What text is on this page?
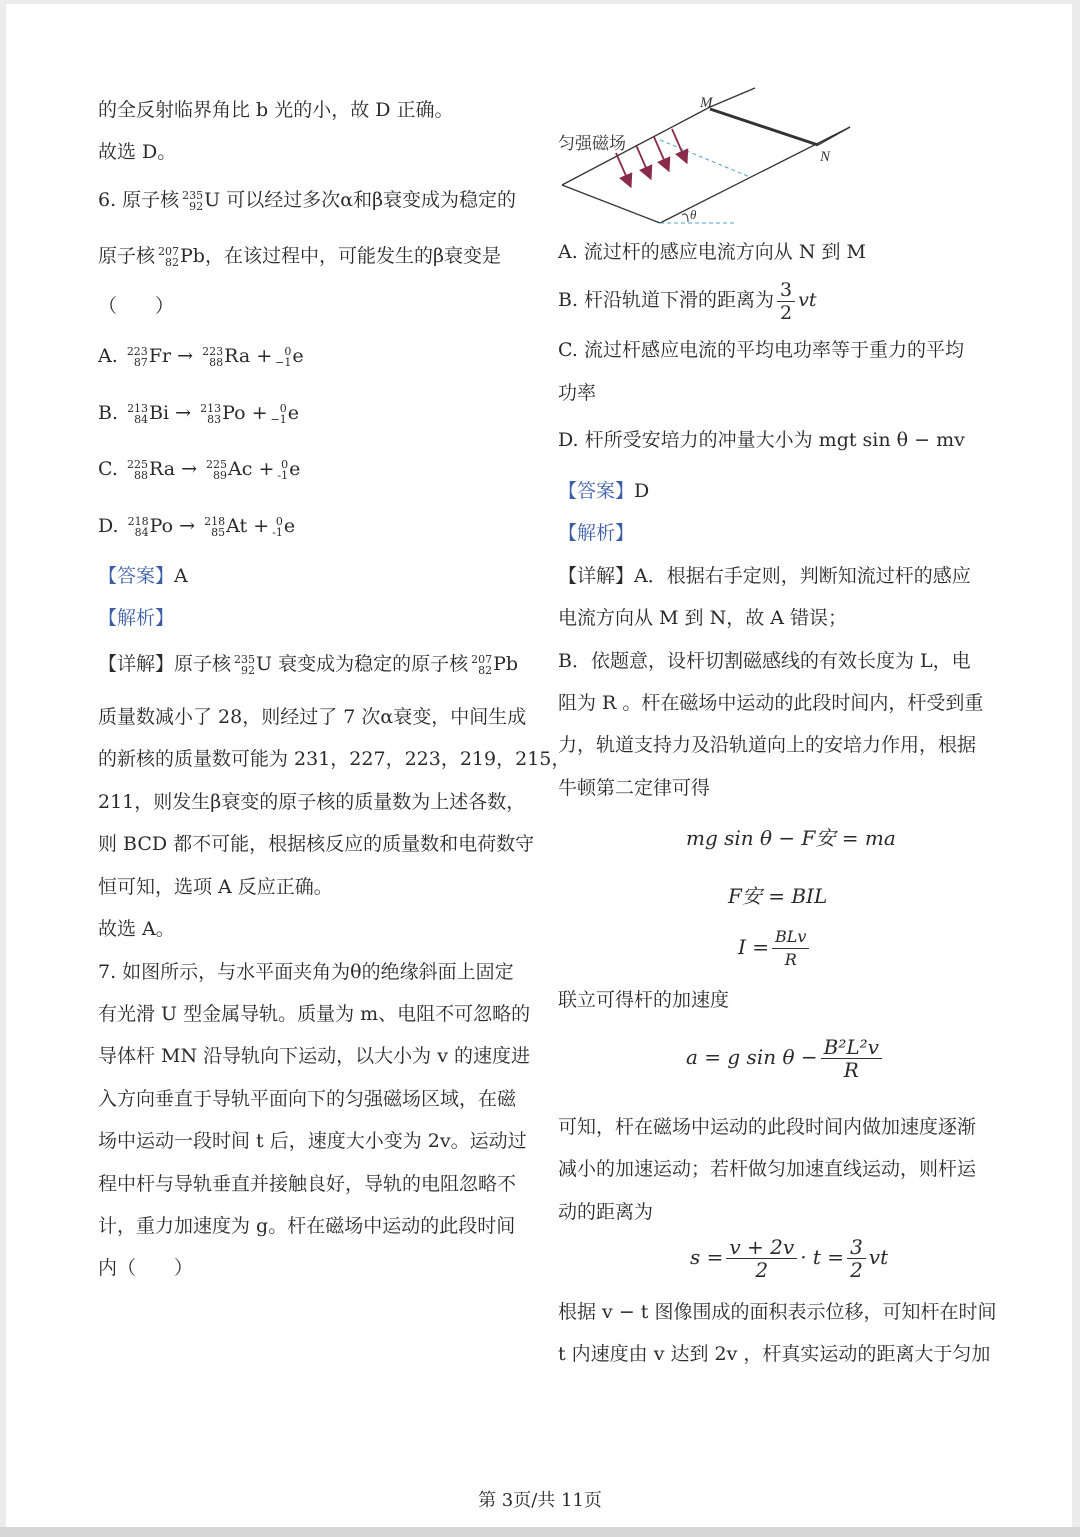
的全反射临界角比 b 光的小，故 D 正确。
故选 D。
6. 原子核 235
92 U 可以经过多次α和β衰变成为稳定的
原子核 207
82 Pb，在该过程中，可能发生的β衰变是
（　　）
A. 223
87 Fr → 223
88 Ra +	0
−1 e
B. 213
84 Bi → 213
83 Po +	0
−1 e
C. 225
88 Ra → 225
89 Ac + 0
-1 e
D. 218
84 Po → 218
85 At + 0
-1 e
【答案】A
【解析】
【详解】原子核 235
92 U 衰变成为稳定的原子核 207
82 Pb
质量数减小了 28，则经过了 7 次α衰变，中间生成
的新核的质量数可能为 231，227，223，219，215，
211，则发生β衰变的原子核的质量数为上述各数，
则 BCD 都不可能，根据核反应的质量数和电荷数守
恒可知，选项 A 反应正确。
故选 A。
7. 如图所示，与水平面夹角为θ的绝缘斜面上固定
有光滑 U 型金属导轨。质量为 m、电阻不可忽略的
导体杆 MN 沿导轨向下运动，以大小为 v 的速度进
入方向垂直于导轨平面向下的匀强磁场区域，在磁
场中运动一段时间 t 后，速度大小变为 2v。运动过
程中杆与导轨垂直并接触良好，导轨的电阻忽略不
计，重力加速度为 g。杆在磁场中运动的此段时间
内（　　）
匀强磁场
M
N
θ
A. 流过杆的感应电流方向从 N 到 M
B. 杆沿轨道下滑的距离为 $\frac{3}{2}$ vt
C. 流过杆感应电流的平均电功率等于重力的平均
功率
D. 杆所受安培力的冲量大小为 mgt sin θ − mv
【答案】D
【解析】
【详解】A．根据右手定则，判断知流过杆的感应
电流方向从 M 到 N，故 A 错误；
B．依题意，设杆切割磁感线的有效长度为 L，电
阻为 R 。杆在磁场中运动的此段时间内，杆受到重
力，轨道支持力及沿轨道向上的安培力作用，根据
牛顿第二定律可得
mg sin θ − F安 = ma
F安 = BIL
$I = \frac{\text{BLv}}{R}$
联立可得杆的加速度
a = g $\sin \theta - \frac{\text{B²L²v}}{R}$
可知，杆在磁场中运动的此段时间内做加速度逐渐
减小的加速运动；若杆做匀加速直线运动，则杆运
动的距离为
$s = \frac{v + 2v}{2} \cdot t = \frac{3}{2}$ vt
根据 v − t 图像围成的面积表示位移，可知杆在时间
t 内速度由 v 达到 2v ，杆真实运动的距离大于匀加
第 3页/共 11页
